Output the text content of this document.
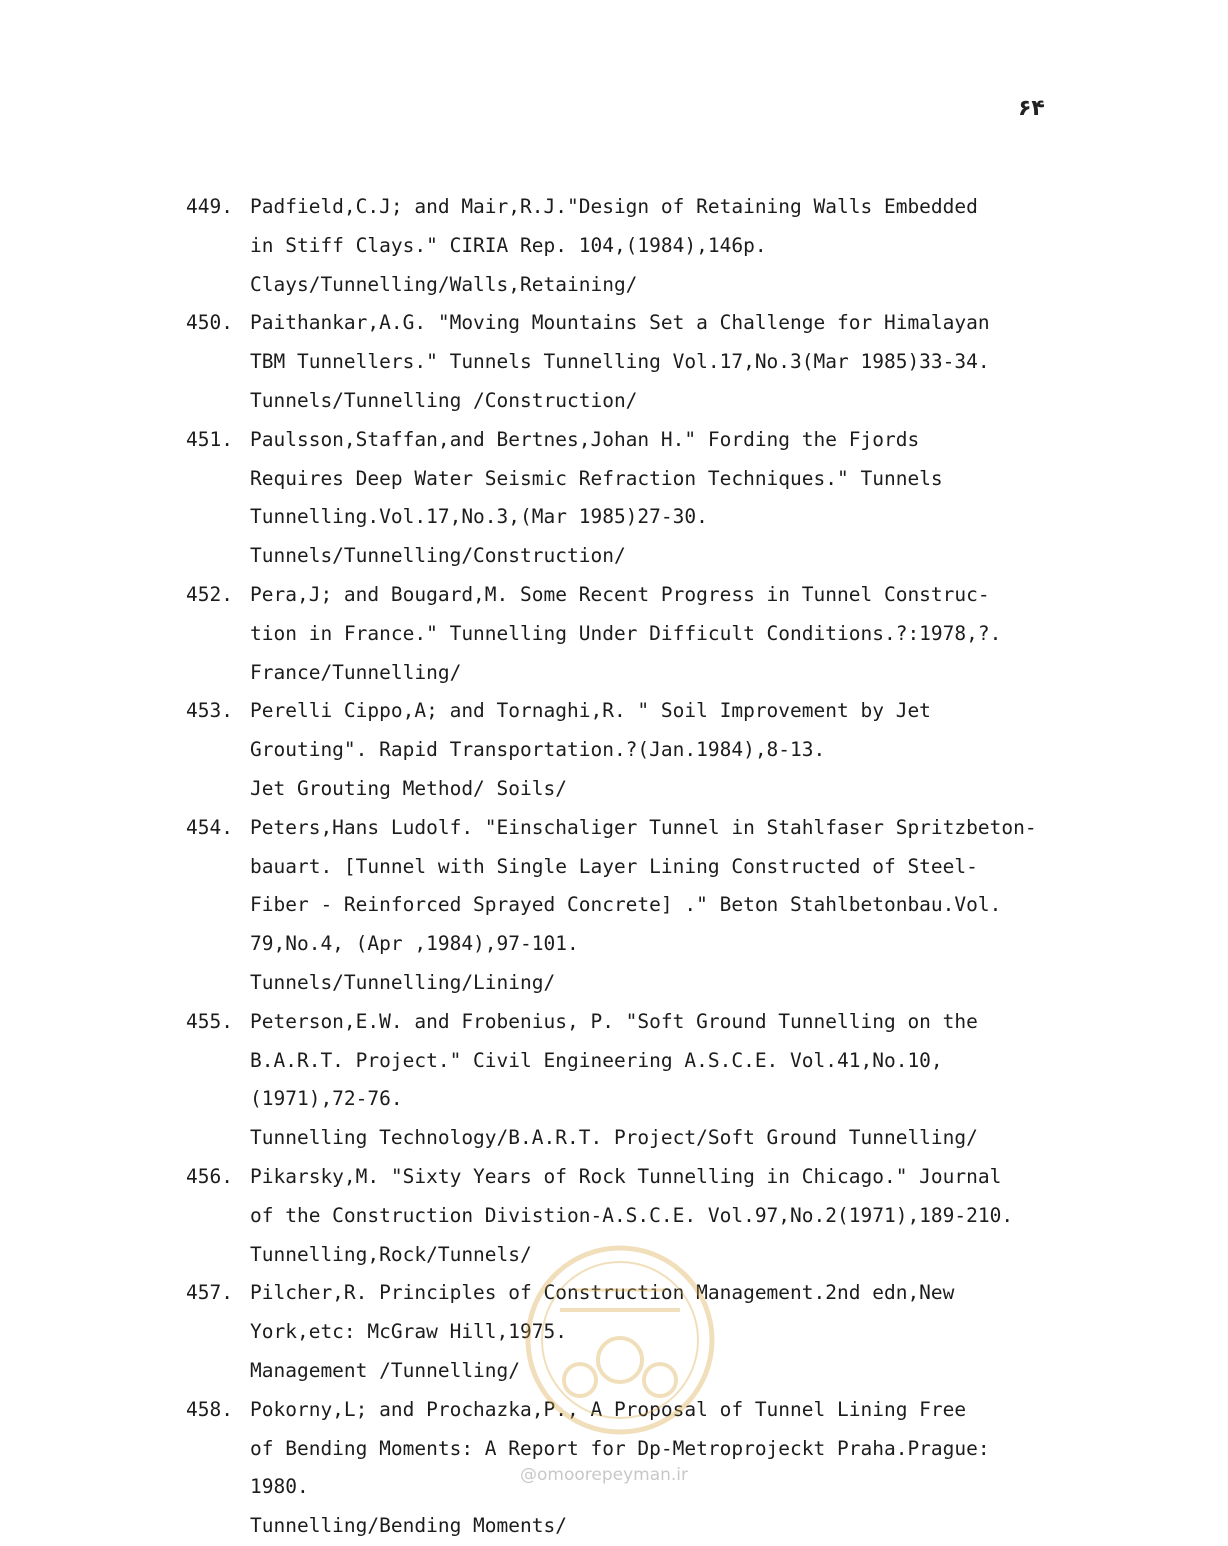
۶۴
449. Padfield,C.J; and Mair,R.J."Design of Retaining Walls Embedded
in Stiff Clays." CIRIA Rep. 104,(1984),146p.
Clays/Tunnelling/Walls,Retaining/
450. Paithankar,A.G. "Moving Mountains Set a Challenge for Himalayan
TBM Tunnellers." Tunnels Tunnelling Vol.17,No.3(Mar 1985)33-34.
Tunnels/Tunnelling /Construction/
451. Paulsson,Staffan,and Bertnes,Johan H." Fording the Fjords
Requires Deep Water Seismic Refraction Techniques." Tunnels
Tunnelling.Vol.17,No.3,(Mar 1985)27-30.
Tunnels/Tunnelling/Construction/
452. Pera,J; and Bougard,M. Some Recent Progress in Tunnel Construc-
tion in France." Tunnelling Under Difficult Conditions.?:1978,?.
France/Tunnelling/
453. Perelli Cippo,A; and Tornaghi,R. " Soil Improvement by Jet
Grouting". Rapid Transportation.?(Jan.1984),8-13.
Jet Grouting Method/ Soils/
454. Peters,Hans Ludolf. "Einschaliger Tunnel in Stahlfaser Spritzbeton-
bauart. [Tunnel with Single Layer Lining Constructed of Steel-
Fiber - Reinforced Sprayed Concrete] ." Beton Stahlbetonbau.Vol.
79,No.4, (Apr ,1984),97-101.
Tunnels/Tunnelling/Lining/
455. Peterson,E.W. and Frobenius, P. "Soft Ground Tunnelling on the
B.A.R.T. Project." Civil Engineering A.S.C.E. Vol.41,No.10,
(1971),72-76.
Tunnelling Technology/B.A.R.T. Project/Soft Ground Tunnelling/
456. Pikarsky,M. "Sixty Years of Rock Tunnelling in Chicago." Journal
of the Construction Divistion-A.S.C.E. Vol.97,No.2(1971),189-210.
Tunnelling,Rock/Tunnels/
457. Pilcher,R. Principles of Construction Management.2nd edn,New
York,etc: McGraw Hill,1975.
Management /Tunnelling/
458. Pokorny,L; and Prochazka,P., A Proposal of Tunnel Lining Free
of Bending Moments: A Report for Dp-Metroprojeckt Praha.Prague:
1980.
Tunnelling/Bending Moments/
@omoorepeyman.ir
